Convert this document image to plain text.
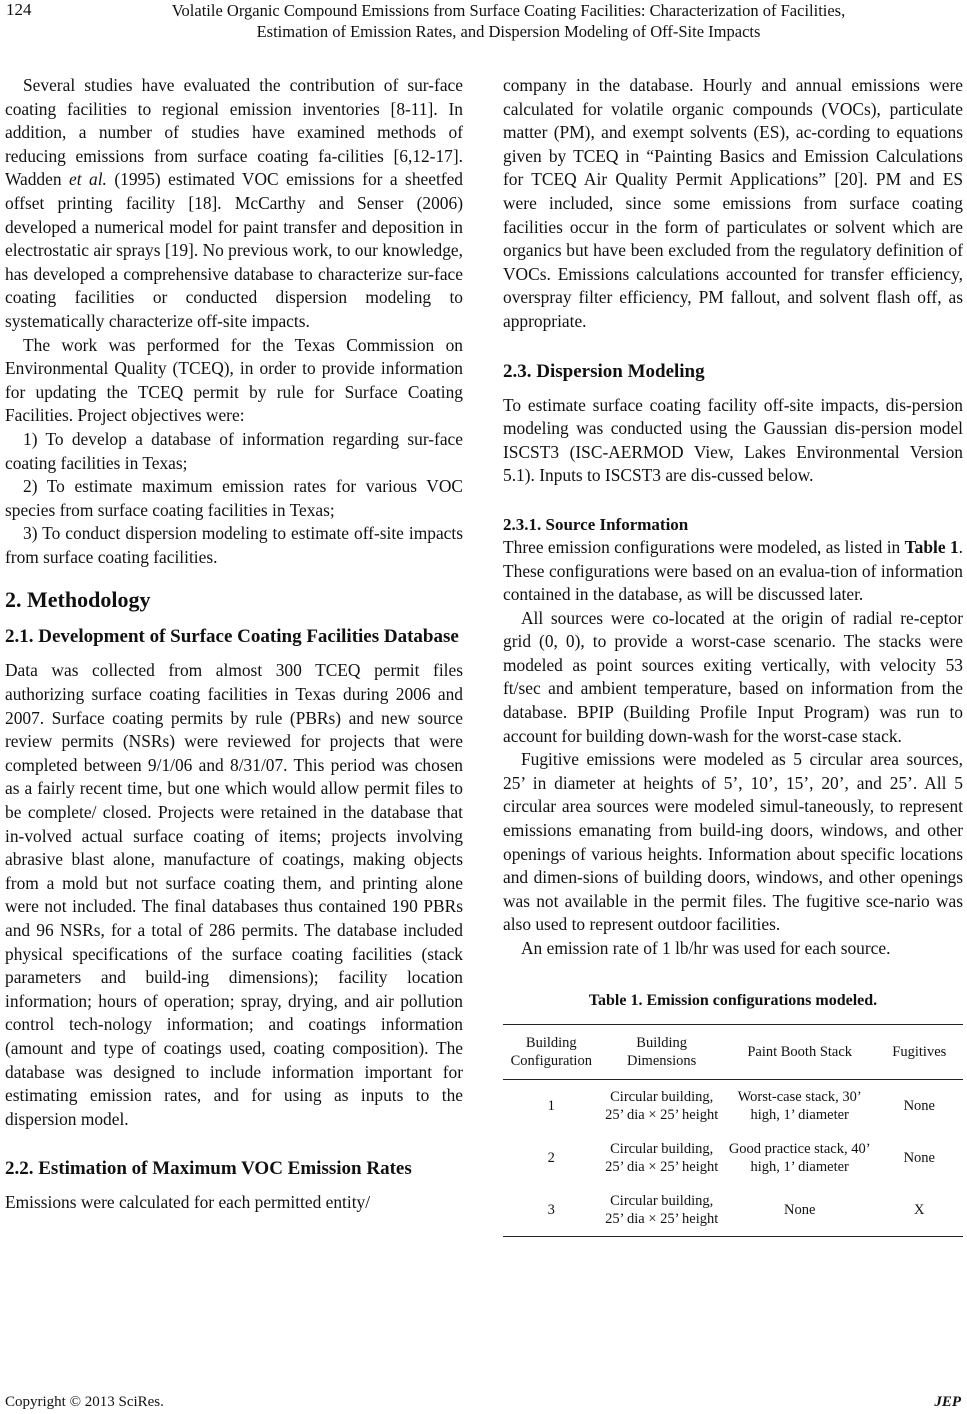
124	Volatile Organic Compound Emissions from Surface Coating Facilities: Characterization of Facilities,
Estimation of Emission Rates, and Dispersion Modeling of Off-Site Impacts

Several studies have evaluated the contribution of sur-face coating facilities to regional emission inventories [8-11]. In addition, a number of studies have examined methods of reducing emissions from surface coating fa-cilities [6,12-17]. Wadden et al. (1995) estimated VOC emissions for a sheetfed offset printing facility [18]. McCarthy and Senser (2006) developed a numerical model for paint transfer and deposition in electrostatic air sprays [19]. No previous work, to our knowledge, has developed a comprehensive database to characterize sur-face coating facilities or conducted dispersion modeling to systematically characterize off-site impacts.

The work was performed for the Texas Commission on Environmental Quality (TCEQ), in order to provide information for updating the TCEQ permit by rule for Surface Coating Facilities. Project objectives were:

1) To develop a database of information regarding sur-face coating facilities in Texas;

2) To estimate maximum emission rates for various VOC species from surface coating facilities in Texas;

3) To conduct dispersion modeling to estimate off-site impacts from surface coating facilities.

2. Methodology
2.1. Development of Surface Coating Facilities Database

Data was collected from almost 300 TCEQ permit files authorizing surface coating facilities in Texas during 2006 and 2007. Surface coating permits by rule (PBRs) and new source review permits (NSRs) were reviewed for projects that were completed between 9/1/06 and 8/31/07. This period was chosen as a fairly recent time, but one which would allow permit files to be complete/ closed. Projects were retained in the database that in-volved actual surface coating of items; projects involving abrasive blast alone, manufacture of coatings, making objects from a mold but not surface coating them, and printing alone were not included. The final databases thus contained 190 PBRs and 96 NSRs, for a total of 286 permits. The database included physical specifications of the surface coating facilities (stack parameters and build-ing dimensions); facility location information; hours of operation; spray, drying, and air pollution control tech-nology information; and coatings information (amount and type of coatings used, coating composition). The database was designed to include information important for estimating emission rates, and for using as inputs to the dispersion model.

2.2. Estimation of Maximum VOC Emission Rates

Emissions were calculated for each permitted entity/

company in the database. Hourly and annual emissions were calculated for volatile organic compounds (VOCs), particulate matter (PM), and exempt solvents (ES), ac-cording to equations given by TCEQ in “Painting Basics and Emission Calculations for TCEQ Air Quality Permit Applications” [20]. PM and ES were included, since some emissions from surface coating facilities occur in the form of particulates or solvent which are organics but have been excluded from the regulatory definition of VOCs. Emissions calculations accounted for transfer efficiency, overspray filter efficiency, PM fallout, and solvent flash off, as appropriate.

2.3. Dispersion Modeling

To estimate surface coating facility off-site impacts, dis-persion modeling was conducted using the Gaussian dis-persion model ISCST3 (ISC-AERMOD View, Lakes Environmental Version 5.1). Inputs to ISCST3 are dis-cussed below.

2.3.1. Source Information

Three emission configurations were modeled, as listed in Table 1. These configurations were based on an evalua-tion of information contained in the database, as will be discussed later.

All sources were co-located at the origin of radial re-ceptor grid (0, 0), to provide a worst-case scenario. The stacks were modeled as point sources exiting vertically, with velocity 53 ft/sec and ambient temperature, based on information from the database. BPIP (Building Profile Input Program) was run to account for building down-wash for the worst-case stack.

Fugitive emissions were modeled as 5 circular area sources, 25’ in diameter at heights of 5’, 10’, 15’, 20’, and 25’. All 5 circular area sources were modeled simul-taneously, to represent emissions emanating from build-ing doors, windows, and other openings of various heights. Information about specific locations and dimen-sions of building doors, windows, and other openings was not available in the permit files. The fugitive sce-nario was also used to represent outdoor facilities.

An emission rate of 1 lb/hr was used for each source.

Table 1. Emission configurations modeled.
Building Configuration	Building Dimensions	Paint Booth Stack	Fugitives
1	Circular building, 25’ dia × 25’ height	Worst-case stack, 30’ high, 1’ diameter	None
2	Circular building, 25’ dia × 25’ height	Good practice stack, 40’ high, 1’ diameter	None
3	Circular building, 25’ dia × 25’ height	None	X
Copyright © 2013 SciRes.	JEP
